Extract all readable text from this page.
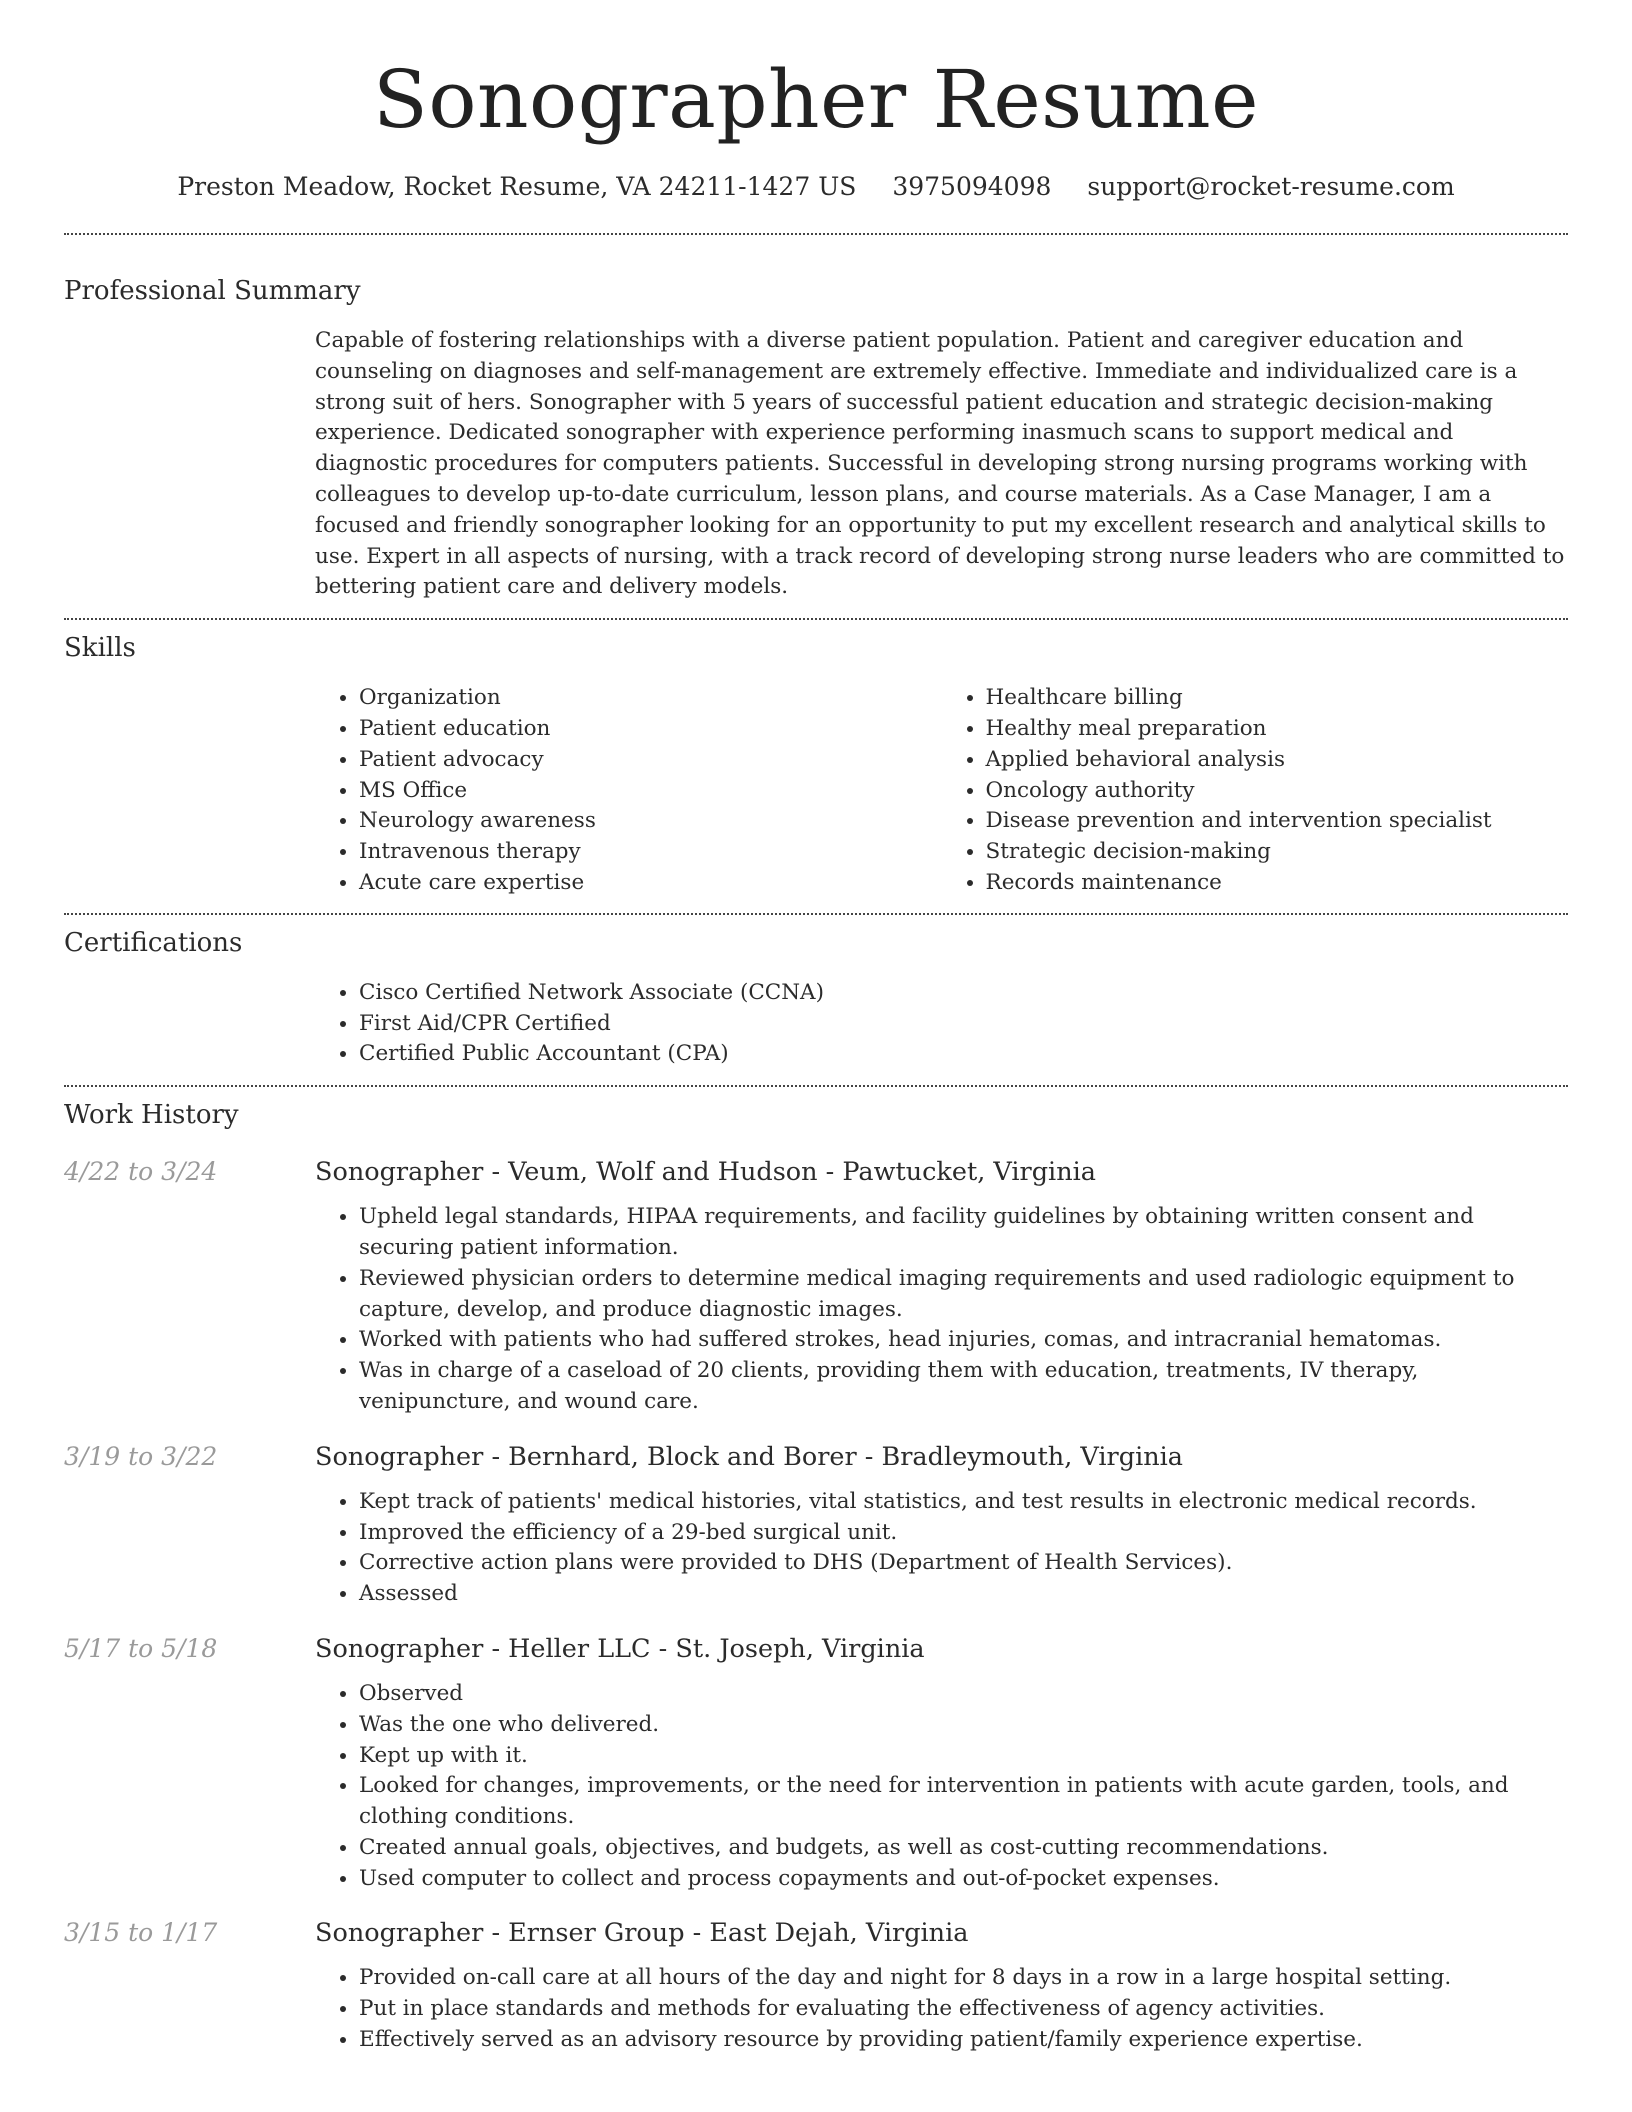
Sonographer Resume
Preston Meadow, Rocket Resume, VA 24211-1427 US 3975094098 support@rocket-resume.com
Professional Summary

Capable of fostering relationships with a diverse patient population. Patient and caregiver education and counseling on diagnoses and self-management are extremely effective. Immediate and individualized care is a strong suit of hers. Sonographer with 5 years of successful patient education and strategic decision-making experience. Dedicated sonographer with experience performing inasmuch scans to support medical and diagnostic procedures for computers patients. Successful in developing strong nursing programs working with colleagues to develop up-to-date curriculum, lesson plans, and course materials. As a Case Manager, I am a focused and friendly sonographer looking for an opportunity to put my excellent research and analytical skills to use. Expert in all aspects of nursing, with a track record of developing strong nurse leaders who are committed to bettering patient care and delivery models.

Skills
• Organization
• Patient education
• Patient advocacy
• MS Office
• Neurology awareness
• Intravenous therapy
• Acute care expertise
• Healthcare billing
• Healthy meal preparation
• Applied behavioral analysis
• Oncology authority
• Disease prevention and intervention specialist
• Strategic decision-making
• Records maintenance
Certifications
• Cisco Certified Network Associate (CCNA)
• First Aid/CPR Certified
• Certified Public Accountant (CPA)
Work History
4/22 to 3/24	Sonographer - Veum, Wolf and Hudson - Pawtucket, Virginia
• Upheld legal standards, HIPAA requirements, and facility guidelines by obtaining written consent and securing patient information.
• Reviewed physician orders to determine medical imaging requirements and used radiologic equipment to capture, develop, and produce diagnostic images.
• Worked with patients who had suffered strokes, head injuries, comas, and intracranial hematomas.
• Was in charge of a caseload of 20 clients, providing them with education, treatments, IV therapy, venipuncture, and wound care.
3/19 to 3/22	Sonographer - Bernhard, Block and Borer - Bradleymouth, Virginia
• Kept track of patients' medical histories, vital statistics, and test results in electronic medical records.
• Improved the efficiency of a 29-bed surgical unit.
• Corrective action plans were provided to DHS (Department of Health Services).
• Assessed
5/17 to 5/18	Sonographer - Heller LLC - St. Joseph, Virginia
• Observed
• Was the one who delivered.
• Kept up with it.
• Looked for changes, improvements, or the need for intervention in patients with acute garden, tools, and clothing conditions.
• Created annual goals, objectives, and budgets, as well as cost-cutting recommendations.
• Used computer to collect and process copayments and out-of-pocket expenses.
3/15 to 1/17	Sonographer - Ernser Group - East Dejah, Virginia
• Provided on-call care at all hours of the day and night for 8 days in a row in a large hospital setting.
• Put in place standards and methods for evaluating the effectiveness of agency activities.
• Effectively served as an advisory resource by providing patient/family experience expertise.
